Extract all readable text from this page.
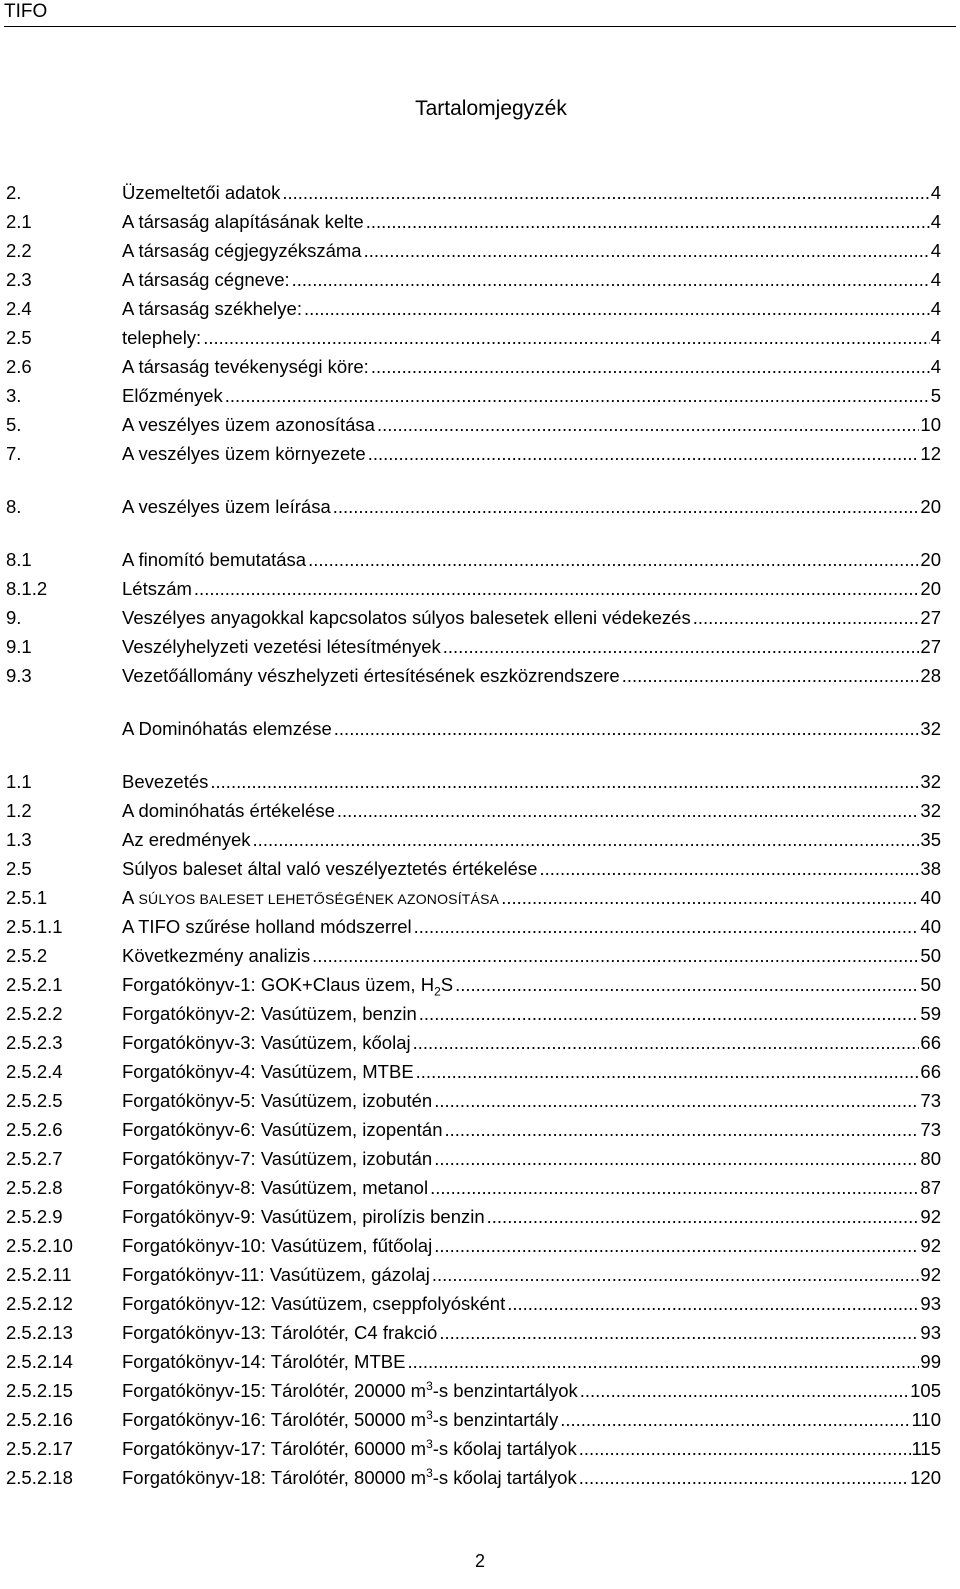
TIFO
Tartalomjegyzék
2.	Üzemeltetői adatok .....	4
2.1	A társaság alapításának kelte .....	4
2.2	A társaság cégjegyzékszáma .....	4
2.3	A társaság cégneve: .....	4
2.4	A társaság székhelye: .....	4
2.5	telephely: .....	4
2.6	A társaság tevékenységi köre: .....	4
3.	Előzmények .....	5
5.	A veszélyes üzem azonosítása .....	10
7.	A veszélyes üzem környezete .....	12
8.	A veszélyes üzem leírása .....	20
8.1	A finomító bemutatása .....	20
8.1.2	Létszám .....	20
9.	Veszélyes anyagokkal kapcsolatos súlyos balesetek elleni védekezés .....	27
9.1	Veszélyhelyzeti vezetési létesítmények .....	27
9.3	Vezetőállomány vészhelyzeti értesítésének eszközrendszere .....	28
A Dominóhatás elemzése .....	32
1.1	Bevezetés .....	32
1.2	A dominóhatás értékelése .....	32
1.3	Az eredmények .....	35
2.5	Súlyos baleset által való veszélyeztetés értékelése .....	38
2.5.1	A SÚLYOS BALESET LEHETŐSÉGÉNEK AZONOSÍTÁSA .....	40
2.5.1.1	A TIFO szűrése holland módszerrel .....	40
2.5.2	Következmény analizis .....	50
2.5.2.1	Forgatókönyv-1: GOK+Claus üzem, $H_2S$ .....	50
2.5.2.2	Forgatókönyv-2: Vasútüzem, benzin .....	59
2.5.2.3	Forgatókönyv-3: Vasútüzem, kőolaj .....	66
2.5.2.4	Forgatókönyv-4: Vasútüzem, MTBE .....	66
2.5.2.5	Forgatókönyv-5: Vasútüzem, izobutén .....	73
2.5.2.6	Forgatókönyv-6: Vasútüzem, izopentán .....	73
2.5.2.7	Forgatókönyv-7: Vasútüzem, izobután .....	80
2.5.2.8	Forgatókönyv-8: Vasútüzem, metanol .....	87
2.5.2.9	Forgatókönyv-9: Vasútüzem, pirolízis benzin .....	92
2.5.2.10	Forgatókönyv-10: Vasútüzem, fűtőolaj .....	92
2.5.2.11	Forgatókönyv-11: Vasútüzem, gázolaj .....	92
2.5.2.12	Forgatókönyv-12: Vasútüzem, cseppfolyósként .....	93
2.5.2.13	Forgatókönyv-13: Tárolótér, C4 frakció .....	93
2.5.2.14	Forgatókönyv-14: Tárolótér, MTBE .....	99
2.5.2.15	Forgatókönyv-15: Tárolótér, 20000 $m^3-s$ benzintartályok .....	105
2.5.2.16	Forgatókönyv-16: Tárolótér, 50000 $m^3-s$ benzintartály .....	110
2.5.2.17	Forgatókönyv-17: Tárolótér, 60000 $m^3-s$ kőolaj tartályok .....	115
2.5.2.18	Forgatókönyv-18: Tárolótér, 80000 $m^3-s$ kőolaj tartályok .....	120
2
